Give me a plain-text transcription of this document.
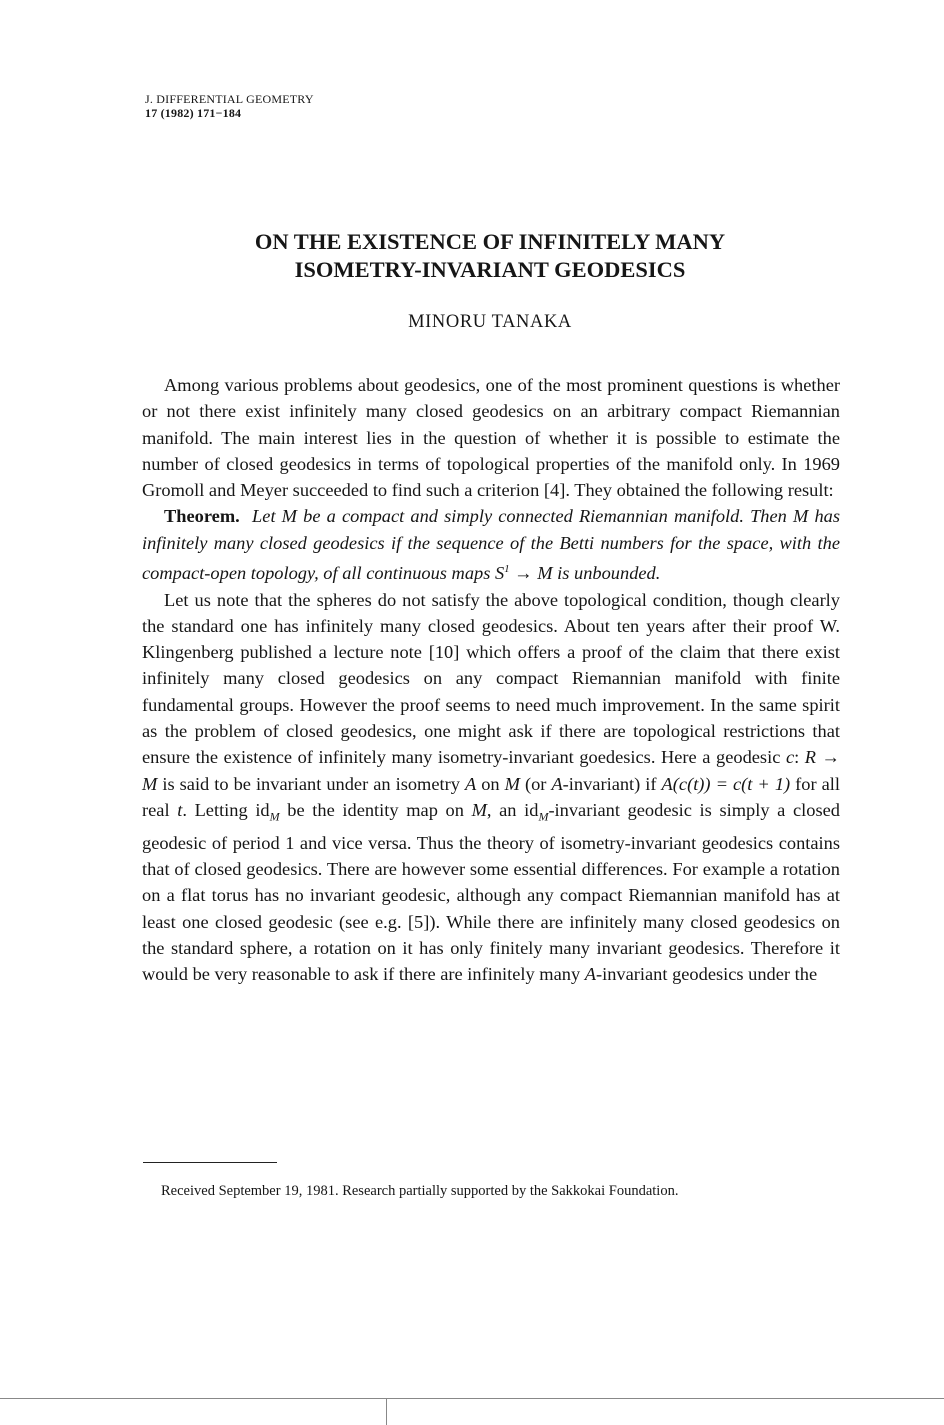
J. DIFFERENTIAL GEOMETRY
17 (1982) 171−184
ON THE EXISTENCE OF INFINITELY MANY
ISOMETRY-INVARIANT GEODESICS
MINORU TANAKA

Among various problems about geodesics, one of the most prominent questions is whether or not there exist infinitely many closed geodesics on an arbitrary compact Riemannian manifold. The main interest lies in the question of whether it is possible to estimate the number of closed geodesics in terms of topological properties of the manifold only. In 1969 Gromoll and Meyer succeeded to find such a criterion [4]. They obtained the following result:

Theorem. Let M be a compact and simply connected Riemannian manifold. Then M has infinitely many closed geodesics if the sequence of the Betti numbers for the space, with the compact-open topology, of all continuous maps $S^1 \to M$ is unbounded.

Let us note that the spheres do not satisfy the above topological condition, though clearly the standard one has infinitely many closed geodesics. About ten years after their proof W. Klingenberg published a lecture note [10] which offers a proof of the claim that there exist infinitely many closed geodesics on any compact Riemannian manifold with finite fundamental groups. However the proof seems to need much improvement. In the same spirit as the problem of closed geodesics, one might ask if there are topological restrictions that ensure the existence of infinitely many isometry-invariant goedesics. Here a geodesic c: R → M is said to be invariant under an isometry A on M (or A-invariant) if A(c(t)) = c(t + 1) for all real t. Letting $id_M$ be the identity map on M, an $id_M$-invariant geodesic is simply a closed geodesic of period 1 and vice versa. Thus the theory of isometry-invariant geodesics contains that of closed geodesics. There are however some essential differences. For example a rotation on a flat torus has no invariant geodesic, although any compact Riemannian manifold has at least one closed geodesic (see e.g. [5]). While there are infinitely many closed geodesics on the standard sphere, a rotation on it has only finitely many invariant geodesics. Therefore it would be very reasonable to ask if there are infinitely many A-invariant geodesics under the

Received September 19, 1981. Research partially supported by the Sakkokai Foundation.
